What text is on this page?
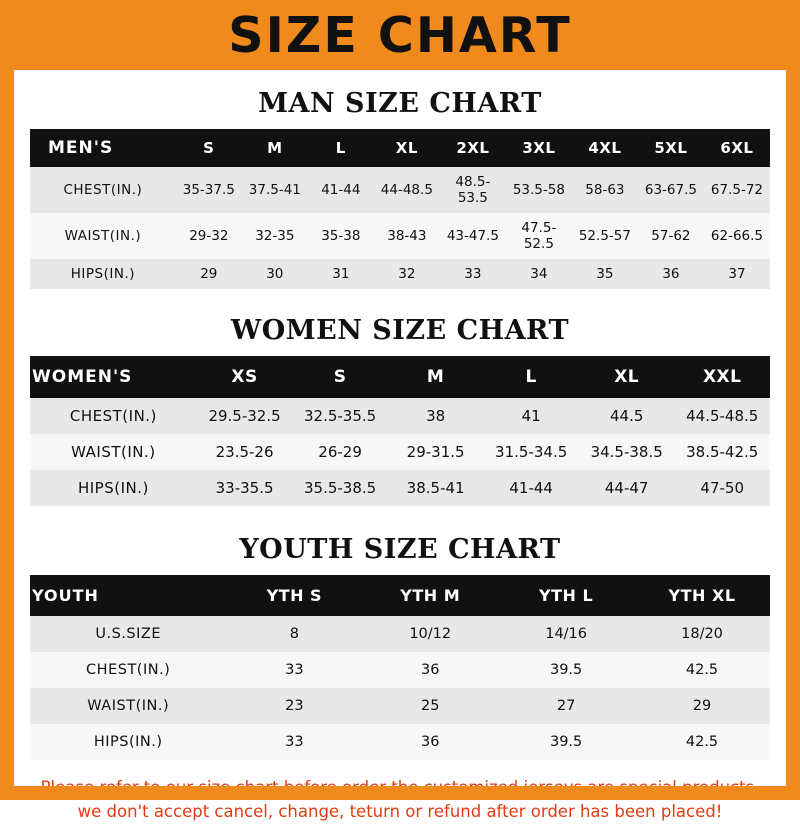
SIZE CHART
MAN SIZE CHART
MEN'S	S	M	L	XL	2XL	3XL	4XL	5XL	6XL
CHEST(IN.)	35-37.5	37.5-41	41-44	44-48.5	48.5-53.5	53.5-58	58-63	63-67.5	67.5-72
WAIST(IN.)	29-32	32-35	35-38	38-43	43-47.5	47.5-52.5	52.5-57	57-62	62-66.5
HIPS(IN.)	29	30	31	32	33	34	35	36	37
WOMEN SIZE CHART
WOMEN'S	XS	S	M	L	XL	XXL
CHEST(IN.)	29.5-32.5	32.5-35.5	38	41	44.5	44.5-48.5
WAIST(IN.)	23.5-26	26-29	29-31.5	31.5-34.5	34.5-38.5	38.5-42.5
HIPS(IN.)	33-35.5	35.5-38.5	38.5-41	41-44	44-47	47-50
YOUTH SIZE CHART
YOUTH	YTH S	YTH M	YTH L	YTH XL
U.S.SIZE	8	10/12	14/16	18/20
CHEST(IN.)	33	36	39.5	42.5
WAIST(IN.)	23	25	27	29
HIPS(IN.)	33	36	39.5	42.5
we don't accept cancel, change, teturn or refund after order has been placed!
